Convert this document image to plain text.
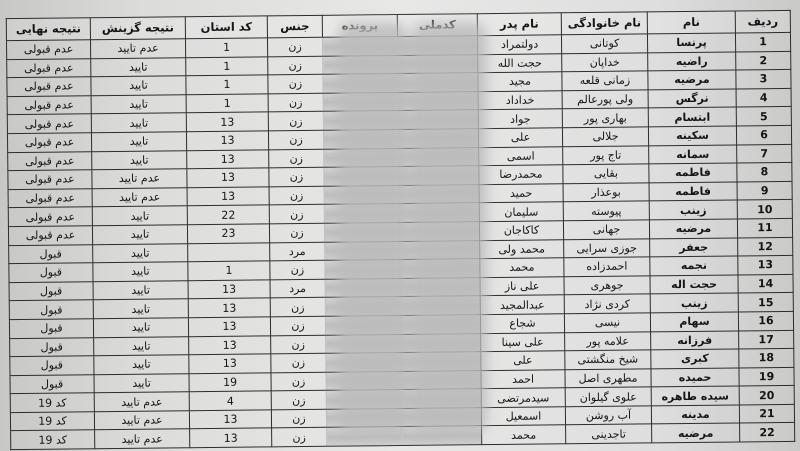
ردیف	نام	نام خانوادگی	نام پدر			جنس	کد استان	نتیجه گزینش	نتیجه نهایی
1	پرنسا	کوتانی	دولتمراد			زن	1	عدم تایید	عدم قبولی
2	راضیه	خداپان	حجت الله			زن	1	تایید	عدم قبولی
3	مرضیه	زمانی قلعه	مجید			زن	1	تایید	عدم قبولی
4	نرگس	ولی پورعالم	خداداد			زن	1	تایید	عدم قبولی
5	ابتسام	بهاری پور	جواد			زن	13	تایید	عدم قبولی
6	سکینه	جلالی	علی			زن	13	تایید	عدم قبولی
7	سمانه	تاج پور	اسمی			زن	13	تایید	عدم قبولی
8	فاطمه	بقایی	محمدرضا			زن	13	عدم تایید	عدم قبولی
9	فاطمه	بوعذار	حمید			زن	13	عدم تایید	عدم قبولی
10	زینب	پیوسته	سلیمان			زن	22	تایید	عدم قبولی
11	مرضیه	جهانی	کاکاجان			زن	23	تایید	عدم قبولی
12	جعفر	جوزی سرایی	محمد ولی			مرد		تایید	قبول
13	نجمه	احمدزاده	محمد			زن	1	تایید	قبول
14	حجت اله	جوهری	علی ناز			مرد	13	تایید	قبول
15	زینب	کردی نژاد	عبدالمجید			زن	13	تایید	قبول
16	سهام	نیسی	شجاع			زن	13	تایید	قبول
17	فرزانه	علامه پور	علی سینا			زن	13	تایید	قبول
18	کبری	شیخ منگشتی	علی			زن	13	تایید	قبول
19	حمیده	مطهری اصل	احمد			زن	19	تایید	قبول
20	سیده طاهره	علوی گیلوان	سیدمرتضی			زن	4	عدم تایید	کد 19
21	مدینه	آب روشن	اسمعیل			زن	13	عدم تایید	کد 19
22	مرضیه	تاجدینی	محمد			زن	13	عدم تایید	کد 19
